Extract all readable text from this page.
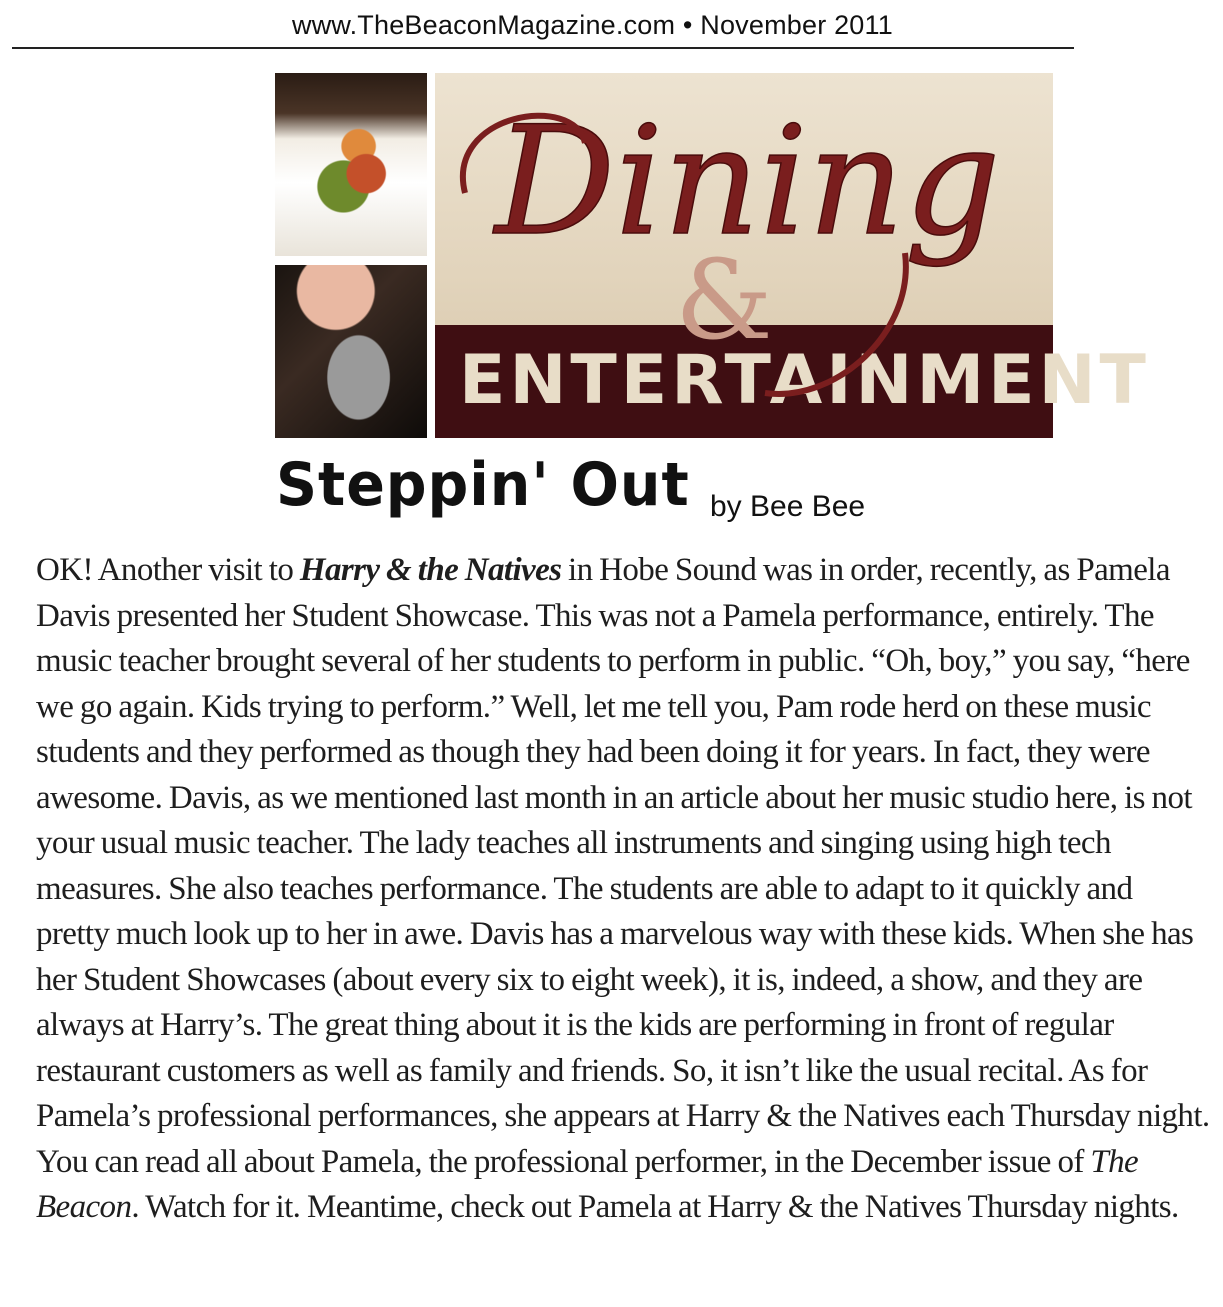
www.TheBeaconMagazine.com • November 2011
ENTERTAINMENT
&
Dining
Steppin' Out by Bee Bee

OK! Another visit to Harry & the Natives in Hobe Sound was in order, recently, as Pamela Davis presented her Student Showcase. This was not a Pamela performance, entirely. The music teacher brought several of her students to perform in public. “Oh, boy,” you say, “here we go again. Kids trying to perform.” Well, let me tell you, Pam rode herd on these music students and they performed as though they had been doing it for years. In fact, they were awesome. Davis, as we mentioned last month in an article about her music studio here, is not your usual music teacher. The lady teaches all instruments and singing using high tech measures. She also teaches performance. The students are able to adapt to it quickly and pretty much look up to her in awe. Davis has a marvelous way with these kids. When she has her Student Showcases (about every six to eight week), it is, indeed, a show, and they are always at Harry’s. The great thing about it is the kids are performing in front of regular restaurant customers as well as family and friends. So, it isn’t like the usual recital. As for Pamela’s professional performances, she appears at Harry & the Natives each Thursday night. You can read all about Pamela, the professional performer, in the December issue of The Beacon. Watch for it. Meantime, check out Pamela at Harry & the Natives Thursday nights.
